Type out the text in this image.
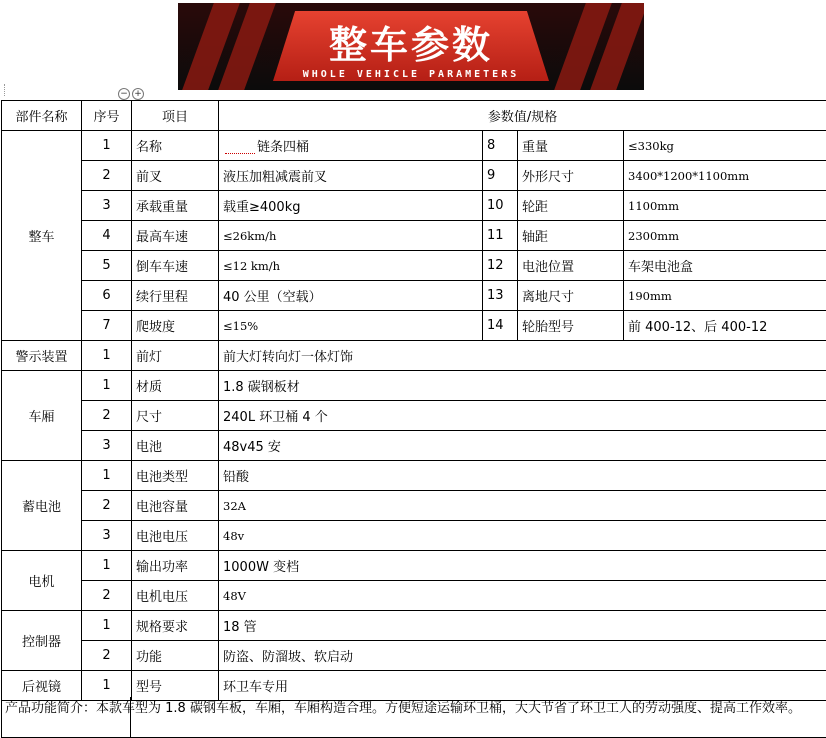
整车参数
WHOLE VEHICLE PARAMETERS
− +
部件名称	序号	项目	参数值/规格			
整车	1	名称	链条四桶	8	重量	≤330kg
	2	前叉	液压加粗减震前叉	9	外形尺寸	3400*1200*1100mm
	3	承载重量	载重≥400kg	10	轮距	1100mm
	4	最高车速	≤26km/h	11	轴距	2300mm
	5	倒车车速	≤12 km/h	12	电池位置	车架电池盒
	6	续行里程	40 公里（空载）	13	离地尺寸	190mm
	7	爬坡度	≤15%	14	轮胎型号	前 400-12、后 400-12
警示装置	1	前灯	前大灯转向灯一体灯饰			
车厢	1	材质	1.8 碳钢板材			
	2	尺寸	240L 环卫桶 4 个			
	3	电池	48v45 安			
蓄电池	1	电池类型	铅酸			
	2	电池容量	32A			
	3	电池电压	48v			
电机	1	输出功率	1000W 变档			
	2	电机电压	48V			
控制器	1	规格要求	18 管			
	2	功能	防盗、防溜坡、软启动			
后视镜	1	型号	环卫车专用			
产品功能简介：本款车型为 1.8 碳钢车板，车厢，车厢构造合理。方便短途运输环卫桶，大大节省了环卫工人的劳动强度、提高工作效率。
